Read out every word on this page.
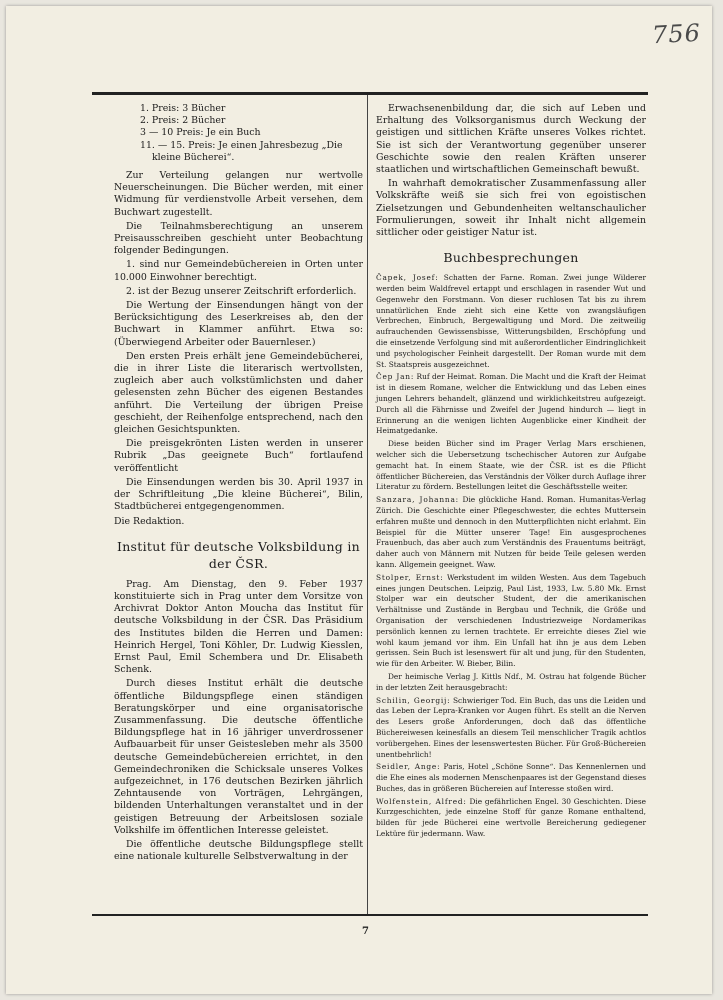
756
1. Preis: 3 Bücher
2. Preis: 2 Bücher
3 — 10 Preis: Je ein Buch
11. — 15. Preis: Je einen Jahresbezug „Die kleine Bücherei“.

Zur Verteilung gelangen nur wertvolle Neuerscheinungen. Die Bücher werden, mit einer Widmung für verdienstvolle Arbeit versehen, dem Buchwart zugestellt.

Die Teilnahmsberechtigung an unserem Preisausschreiben geschieht unter Beobachtung folgender Bedingungen.

1. sind nur Gemeindebüchereien in Orten unter 10.000 Einwohner berechtigt.

2. ist der Bezug unserer Zeitschrift erforderlich.

Die Wertung der Einsendungen hängt von der Berücksichtigung des Leserkreises ab, den der Buchwart in Klammer anführt. Etwa so: (Überwiegend Arbeiter oder Bauernleser.)

Den ersten Preis erhält jene Gemeindebücherei, die in ihrer Liste die literarisch wertvollsten, zugleich aber auch volkstümlichsten und daher gelesensten zehn Bücher des eigenen Bestandes anführt. Die Verteilung der übrigen Preise geschieht, der Reihenfolge entsprechend, nach den gleichen Gesichtspunkten.

Die preisgekrönten Listen werden in unserer Rubrik „Das geeignete Buch“ fortlaufend veröffentlicht

Die Einsendungen werden bis 30. April 1937 in der Schriftleitung „Die kleine Bücherei“, Bilin, Stadtbücherei entgegengenommen.

Die Redaktion.

Institut für deutsche Volksbildung in der ČSR.

Prag. Am Dienstag, den 9. Feber 1937 konstituierte sich in Prag unter dem Vorsitze von Archivrat Doktor Anton Moucha das Institut für deutsche Volksbildung in der ČSR. Das Präsidium des Institutes bilden die Herren und Damen: Heinrich Hergel, Toni Köhler, Dr. Ludwig Kiesslen, Ernst Paul, Emil Schembera und Dr. Elisabeth Schenk.

Durch dieses Institut erhält die deutsche öffentliche Bildungspflege einen ständigen Beratungskörper und eine organisatorische Zusammenfassung. Die deutsche öffentliche Bildungspflege hat in 16 jähriger unverdrossener Aufbauarbeit für unser Geistesleben mehr als 3500 deutsche Gemeindebüchereien errichtet, in den Gemeindechroniken die Schicksale unseres Volkes aufgezeichnet, in 176 deutschen Bezirken jährlich Zehntausende von Vorträgen, Lehrgängen, bildenden Unterhaltungen veranstaltet und in der geistigen Betreuung der Arbeitslosen soziale Volkshilfe im öffentlichen Interesse geleistet.

Die öffentliche deutsche Bildungspflege stellt eine nationale kulturelle Selbstverwaltung in der

Erwachsenenbildung dar, die sich auf Leben und Erhaltung des Volksorganismus durch Weckung der geistigen und sittlichen Kräfte unseres Volkes richtet. Sie ist sich der Verantwortung gegenüber unserer Geschichte sowie den realen Kräften unserer staatlichen und wirtschaftlichen Gemeinschaft bewußt.

In wahrhaft demokratischer Zusammenfassung aller Volkskräfte weiß sie sich frei von egoistischen Zielsetzungen und Gebundenheiten weltanschaulicher Formulierungen, soweit ihr Inhalt nicht allgemein sittlicher oder geistiger Natur ist.

Buchbesprechungen

Čapek, Josef: Schatten der Farne. Roman. Zwei junge Wilderer werden beim Waldfrevel ertappt und erschlagen in rasender Wut und Gegenwehr den Forstmann. Von dieser ruchlosen Tat bis zu ihrem unnatürlichen Ende zieht sich eine Kette von zwangsläufigen Verbrechen, Einbruch, Bergewaltigung und Mord. Die zeitweilig aufrauchenden Gewissensbisse, Witterungsbilden, Erschöpfung und die einsetzende Verfolgung sind mit außerordentlicher Eindringlichkeit und psychologischer Feinheit dargestellt. Der Roman wurde mit dem St. Staatspreis ausgezeichnet.

Čep Jan: Ruf der Heimat. Roman. Die Macht und die Kraft der Heimat ist in diesem Romane, welcher die Entwicklung und das Leben eines jungen Lehrers behandelt, glänzend und wirklichkeitstreu aufgezeigt. Durch all die Fährnisse und Zweifel der Jugend hindurch — liegt in Erinnerung an die wenigen lichten Augenblicke einer Kindheit der Heimatgedanke.

Diese beiden Bücher sind im Prager Verlag Mars erschienen, welcher sich die Uebersetzung tschechischer Autoren zur Aufgabe gemacht hat. In einem Staate, wie der ČSR. ist es die Pflicht öffentlicher Büchereien, das Verständnis der Völker durch Auflage ihrer Literatur zu fördern. Bestellungen leitet die Geschäftsstelle weiter.

Sanzara, Johanna: Die glückliche Hand. Roman. Humanitas-Verlag Zürich. Die Geschichte einer Pflegeschwester, die echtes Muttersein erfahren mußte und dennoch in den Mutterpflichten nicht erlahmt. Ein Beispiel für die Mütter unserer Tage! Ein ausgesprochenes Frauenbuch, das aber auch zum Verständnis des Frauentums beiträgt, daher auch von Männern mit Nutzen für beide Teile gelesen werden kann. Allgemein geeignet. Waw.

Stolper, Ernst: Werkstudent im wilden Westen. Aus dem Tagebuch eines jungen Deutschen. Leipzig, Paul List, 1933, Lw. 5.80 Mk. Ernst Stolper war ein deutscher Student, der die amerikanischen Verhältnisse und Zustände in Bergbau und Technik, die Größe und Organisation der verschiedenen Industriezweige Nordamerikas persönlich kennen zu lernen trachtete. Er erreichte dieses Ziel wie wohl kaum jemand vor ihm. Ein Unfall hat ihn je aus dem Leben gerissen. Sein Buch ist lesenswert für alt und jung, für den Studenten, wie für den Arbeiter. W. Bieber, Bilin.

Der heimische Verlag J. Kittls Ndf., M. Ostrau hat folgende Bücher in der letzten Zeit herausgebracht:

Schilin, Georgij: Schwieriger Tod. Ein Buch, das uns die Leiden und das Leben der Lepra-Kranken vor Augen führt. Es stellt an die Nerven des Lesers große Anforderungen, doch daß das öffentliche Büchereiwesen keinesfalls an diesem Teil menschlicher Tragik achtlos vorübergehen. Eines der lesenswertesten Bücher. Für Groß-Büchereien unentbehrlich!

Seidler, Ange: Paris, Hotel „Schöne Sonne“. Das Kennenlernen und die Ehe eines als modernen Menschenpaares ist der Gegenstand dieses Buches, das in größeren Büchereien auf Interesse stoßen wird.

Wolfenstein, Alfred: Die gefährlichen Engel. 30 Geschichten. Diese Kurzgeschichten, jede einzelne Stoff für ganze Romane enthaltend, bilden für jede Bücherei eine wertvolle Bereicherung gediegener Lektüre für jedermann. Waw.

7
